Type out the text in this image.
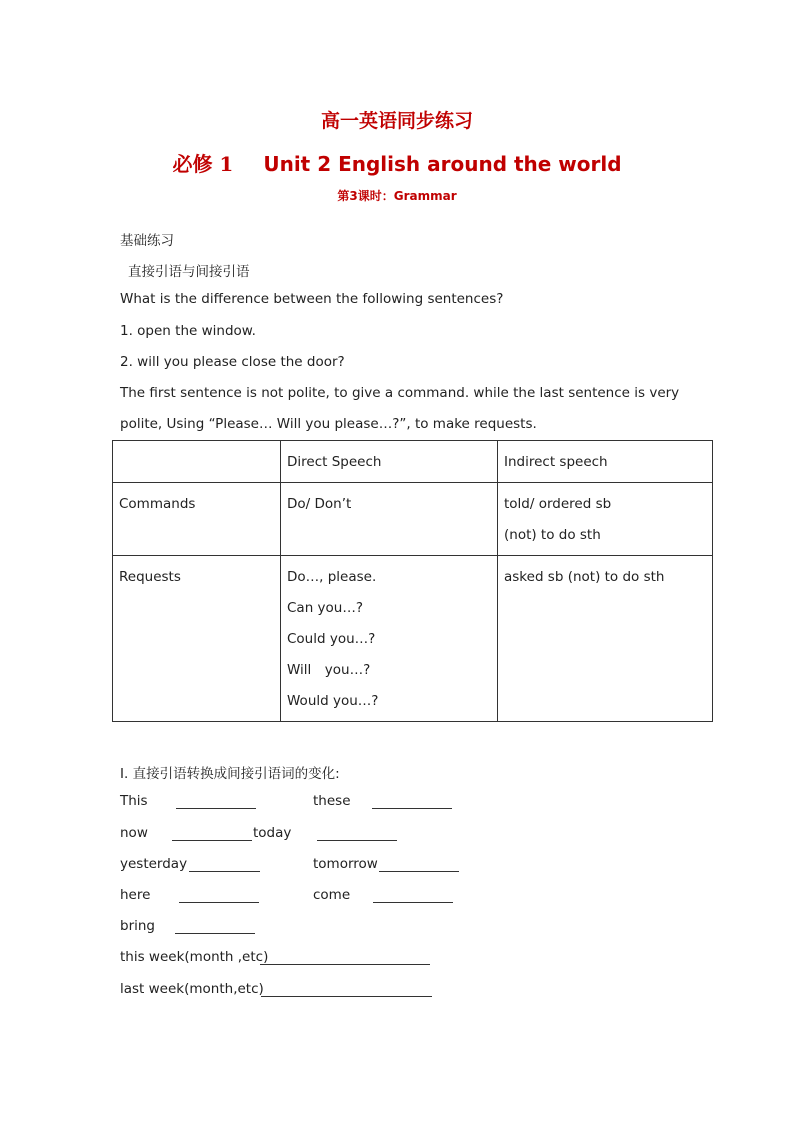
高一英语同步练习
必修 1 Unit 2 English around the world
第3课时：Grammar
基础练习
直接引语与间接引语
What is the difference between the following sentences?
1. open the window.
2. will you please close the door?
The first sentence is not polite, to give a command. while the last sentence is very
polite, Using “Please… Will you please…?”, to make requests.
	Direct Speech	Indirect speech

Commands	Do/ Don’t	told/ ordered sb
(not) to do sth

Requests	Do…, please.
Can you…?
Could you…?
Will　you…?
Would you…?	asked sb (not) to do sth
I. 直接引语转换成间接引语词的变化:
This	these
now	today
yesterday	tomorrow
here	come
bring
this week(month ,etc)
last week(month,etc)
